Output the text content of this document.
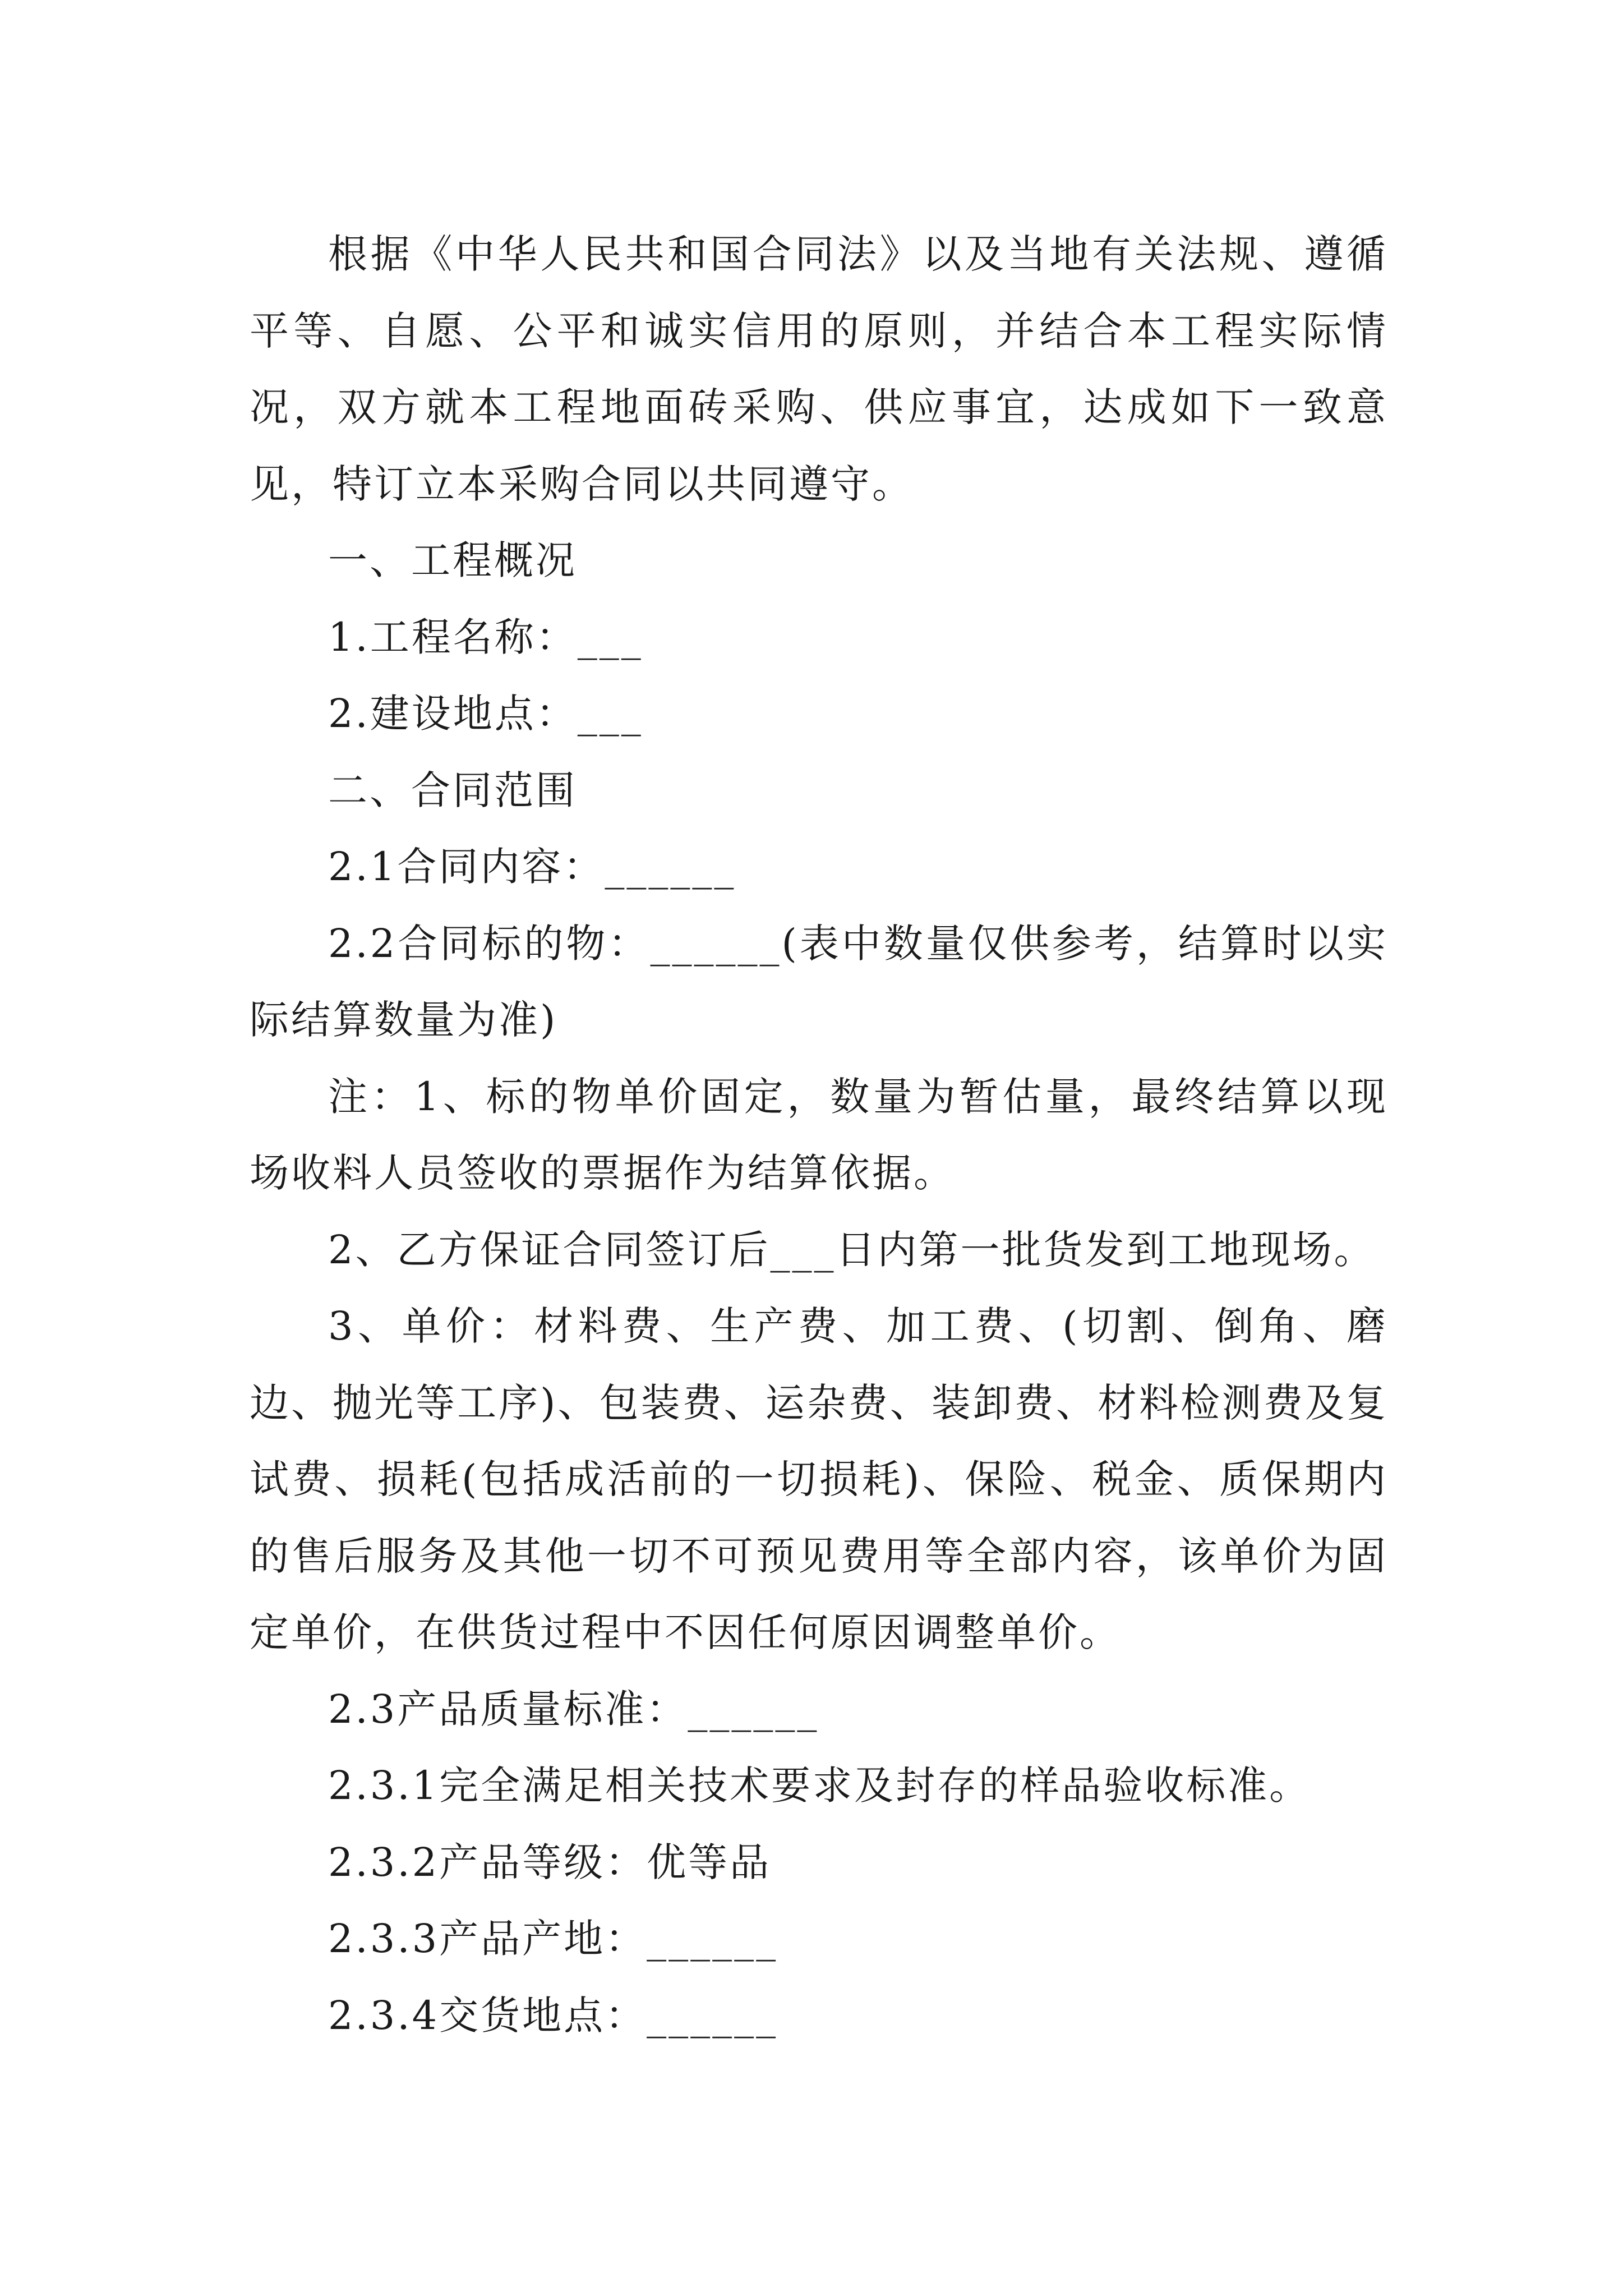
根据《中华人民共和国合同法》以及当地有关法规、遵循平等、自愿、公平和诚实信用的原则，并结合本工程实际情况，双方就本工程地面砖采购、供应事宜，达成如下一致意见，特订立本采购合同以共同遵守。

一、工程概况

1.工程名称：___

2.建设地点：___

二、合同范围

2.1合同内容：______

2.2合同标的物：______(表中数量仅供参考，结算时以实际结算数量为准)

注：1、标的物单价固定，数量为暂估量，最终结算以现场收料人员签收的票据作为结算依据。

2、乙方保证合同签订后___日内第一批货发到工地现场。

3、单价：材料费、生产费、加工费、(切割、倒角、磨边、抛光等工序)、包装费、运杂费、装卸费、材料检测费及复试费、损耗(包括成活前的一切损耗)、保险、税金、质保期内的售后服务及其他一切不可预见费用等全部内容，该单价为固定单价，在供货过程中不因任何原因调整单价。

2.3产品质量标准：______

2.3.1完全满足相关技术要求及封存的样品验收标准。

2.3.2产品等级：优等品

2.3.3产品产地：______

2.3.4交货地点：______
